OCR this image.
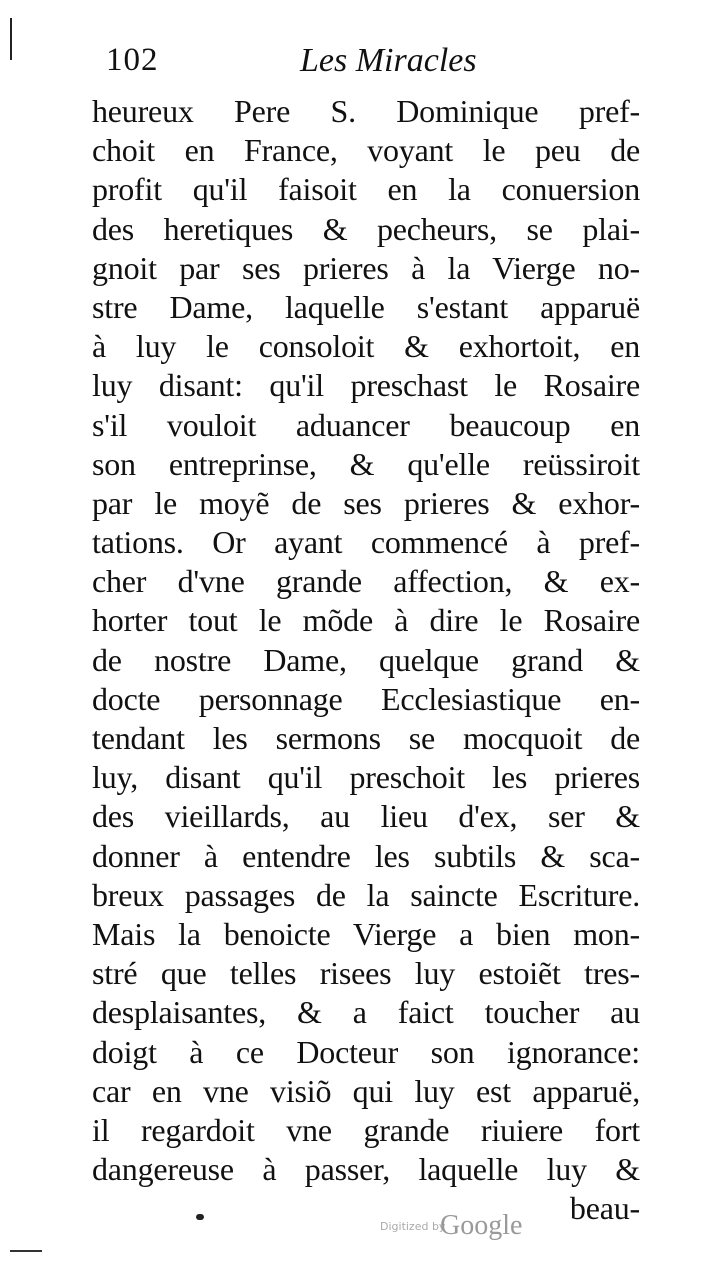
102	Les Miracles
heureux Pere S. Dominique pref-
choit en France, voyant le peu de
profit qu'il faisoit en la conuersion
des heretiques & pecheurs, se plai-
gnoit par ses prieres à la Vierge no-
stre Dame, laquelle s'estant apparuë
à luy le consoloit & exhortoit, en
luy disant: qu'il preschast le Rosaire
s'il vouloit aduancer beaucoup en
son entreprinse, & qu'elle reüssiroit
par le moyẽ de ses prieres & exhor-
tations. Or ayant commencé à pref-
cher d'vne grande affection, & ex-
horter tout le mõde à dire le Rosaire
de nostre Dame, quelque grand &
docte personnage Ecclesiastique en-
tendant les sermons se mocquoit de
luy, disant qu'il preschoit les prieres
des vieillards, au lieu d'ex, ser &
donner à entendre les subtils & sca-
breux passages de la saincte Escriture.
Mais la benoicte Vierge a bien mon-
stré que telles risees luy estoiẽt tres-
desplaisantes, & a faict toucher au
doigt à ce Docteur son ignorance:
car en vne visiõ qui luy est apparuë,
il regardoit vne grande riuiere fort
dangereuse à passer, laquelle luy &
beau-
Digitized by
Google
